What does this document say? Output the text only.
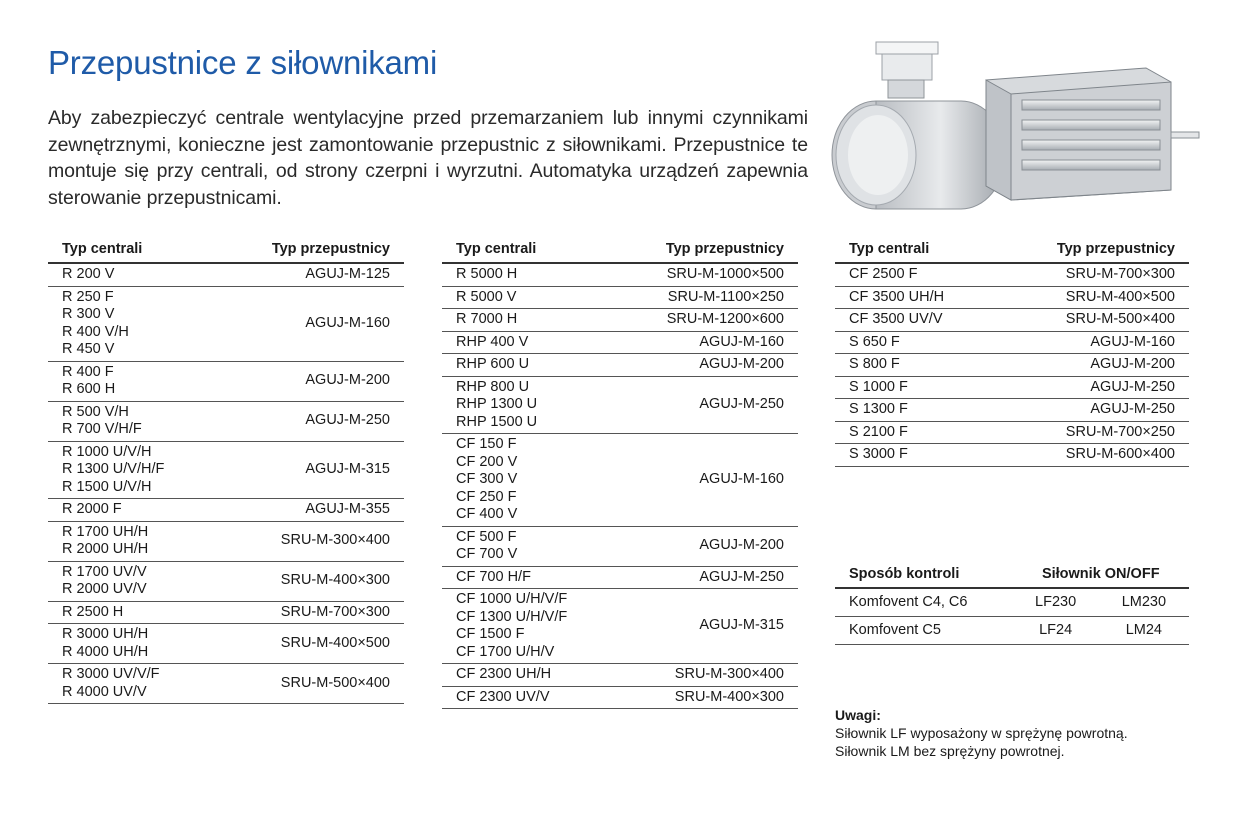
Przepustnice z siłownikami

Aby zabezpieczyć centrale wentylacyjne przed przemarzaniem lub innymi czynnikami zewnętrznymi, konieczne jest zamontowanie przepustnic z siłownikami. Przepustnice te montuje się przy centrali, od strony czerpni i wyrzutni. Automatyka urządzeń zapewnia sterowanie przepustnicami.

Typ centrali	Typ przepustnicy
R 200 V	AGUJ-M-125
R 250 F
R 300 V
R 400 V/H
R 450 V	AGUJ-M-160
R 400 F
R 600 H	AGUJ-M-200
R 500 V/H
R 700 V/H/F	AGUJ-M-250
R 1000 U/V/H
R 1300 U/V/H/F
R 1500 U/V/H	AGUJ-M-315
R 2000 F	AGUJ-M-355
R 1700 UH/H
R 2000 UH/H	SRU-M-300×400
R 1700 UV/V
R 2000 UV/V	SRU-M-400×300
R 2500 H	SRU-M-700×300
R 3000 UH/H
R 4000 UH/H	SRU-M-400×500
R 3000 UV/V/F
R 4000 UV/V	SRU-M-500×400
Typ centrali	Typ przepustnicy
R 5000 H	SRU-M-1000×500
R 5000 V	SRU-M-1100×250
R 7000 H	SRU-M-1200×600
RHP 400 V	AGUJ-M-160
RHP 600 U	AGUJ-M-200
RHP 800 U
RHP 1300 U
RHP 1500 U	AGUJ-M-250
CF 150 F
CF 200 V
CF 300 V
CF 250 F
CF 400 V	AGUJ-M-160
CF 500 F
CF 700 V	AGUJ-M-200
CF 700 H/F	AGUJ-M-250
CF 1000 U/H/V/F
CF 1300 U/H/V/F
CF 1500 F
CF 1700 U/H/V	AGUJ-M-315
CF 2300 UH/H	SRU-M-300×400
CF 2300 UV/V	SRU-M-400×300
Typ centrali	Typ przepustnicy
CF 2500 F	SRU-M-700×300
CF 3500 UH/H	SRU-M-400×500
CF 3500 UV/V	SRU-M-500×400
S 650 F	AGUJ-M-160
S 800 F	AGUJ-M-200
S 1000 F	AGUJ-M-250
S 1300 F	AGUJ-M-250
S 2100 F	SRU-M-700×250
S 3000 F	SRU-M-600×400
Sposób kontroli	Siłownik ON/OFF	
Komfovent C4, C6	LF230	LM230
Komfovent C5	LF24	LM24
Uwagi:
Siłownik LF wyposażony w sprężynę powrotną.
Siłownik LM bez sprężyny powrotnej.
